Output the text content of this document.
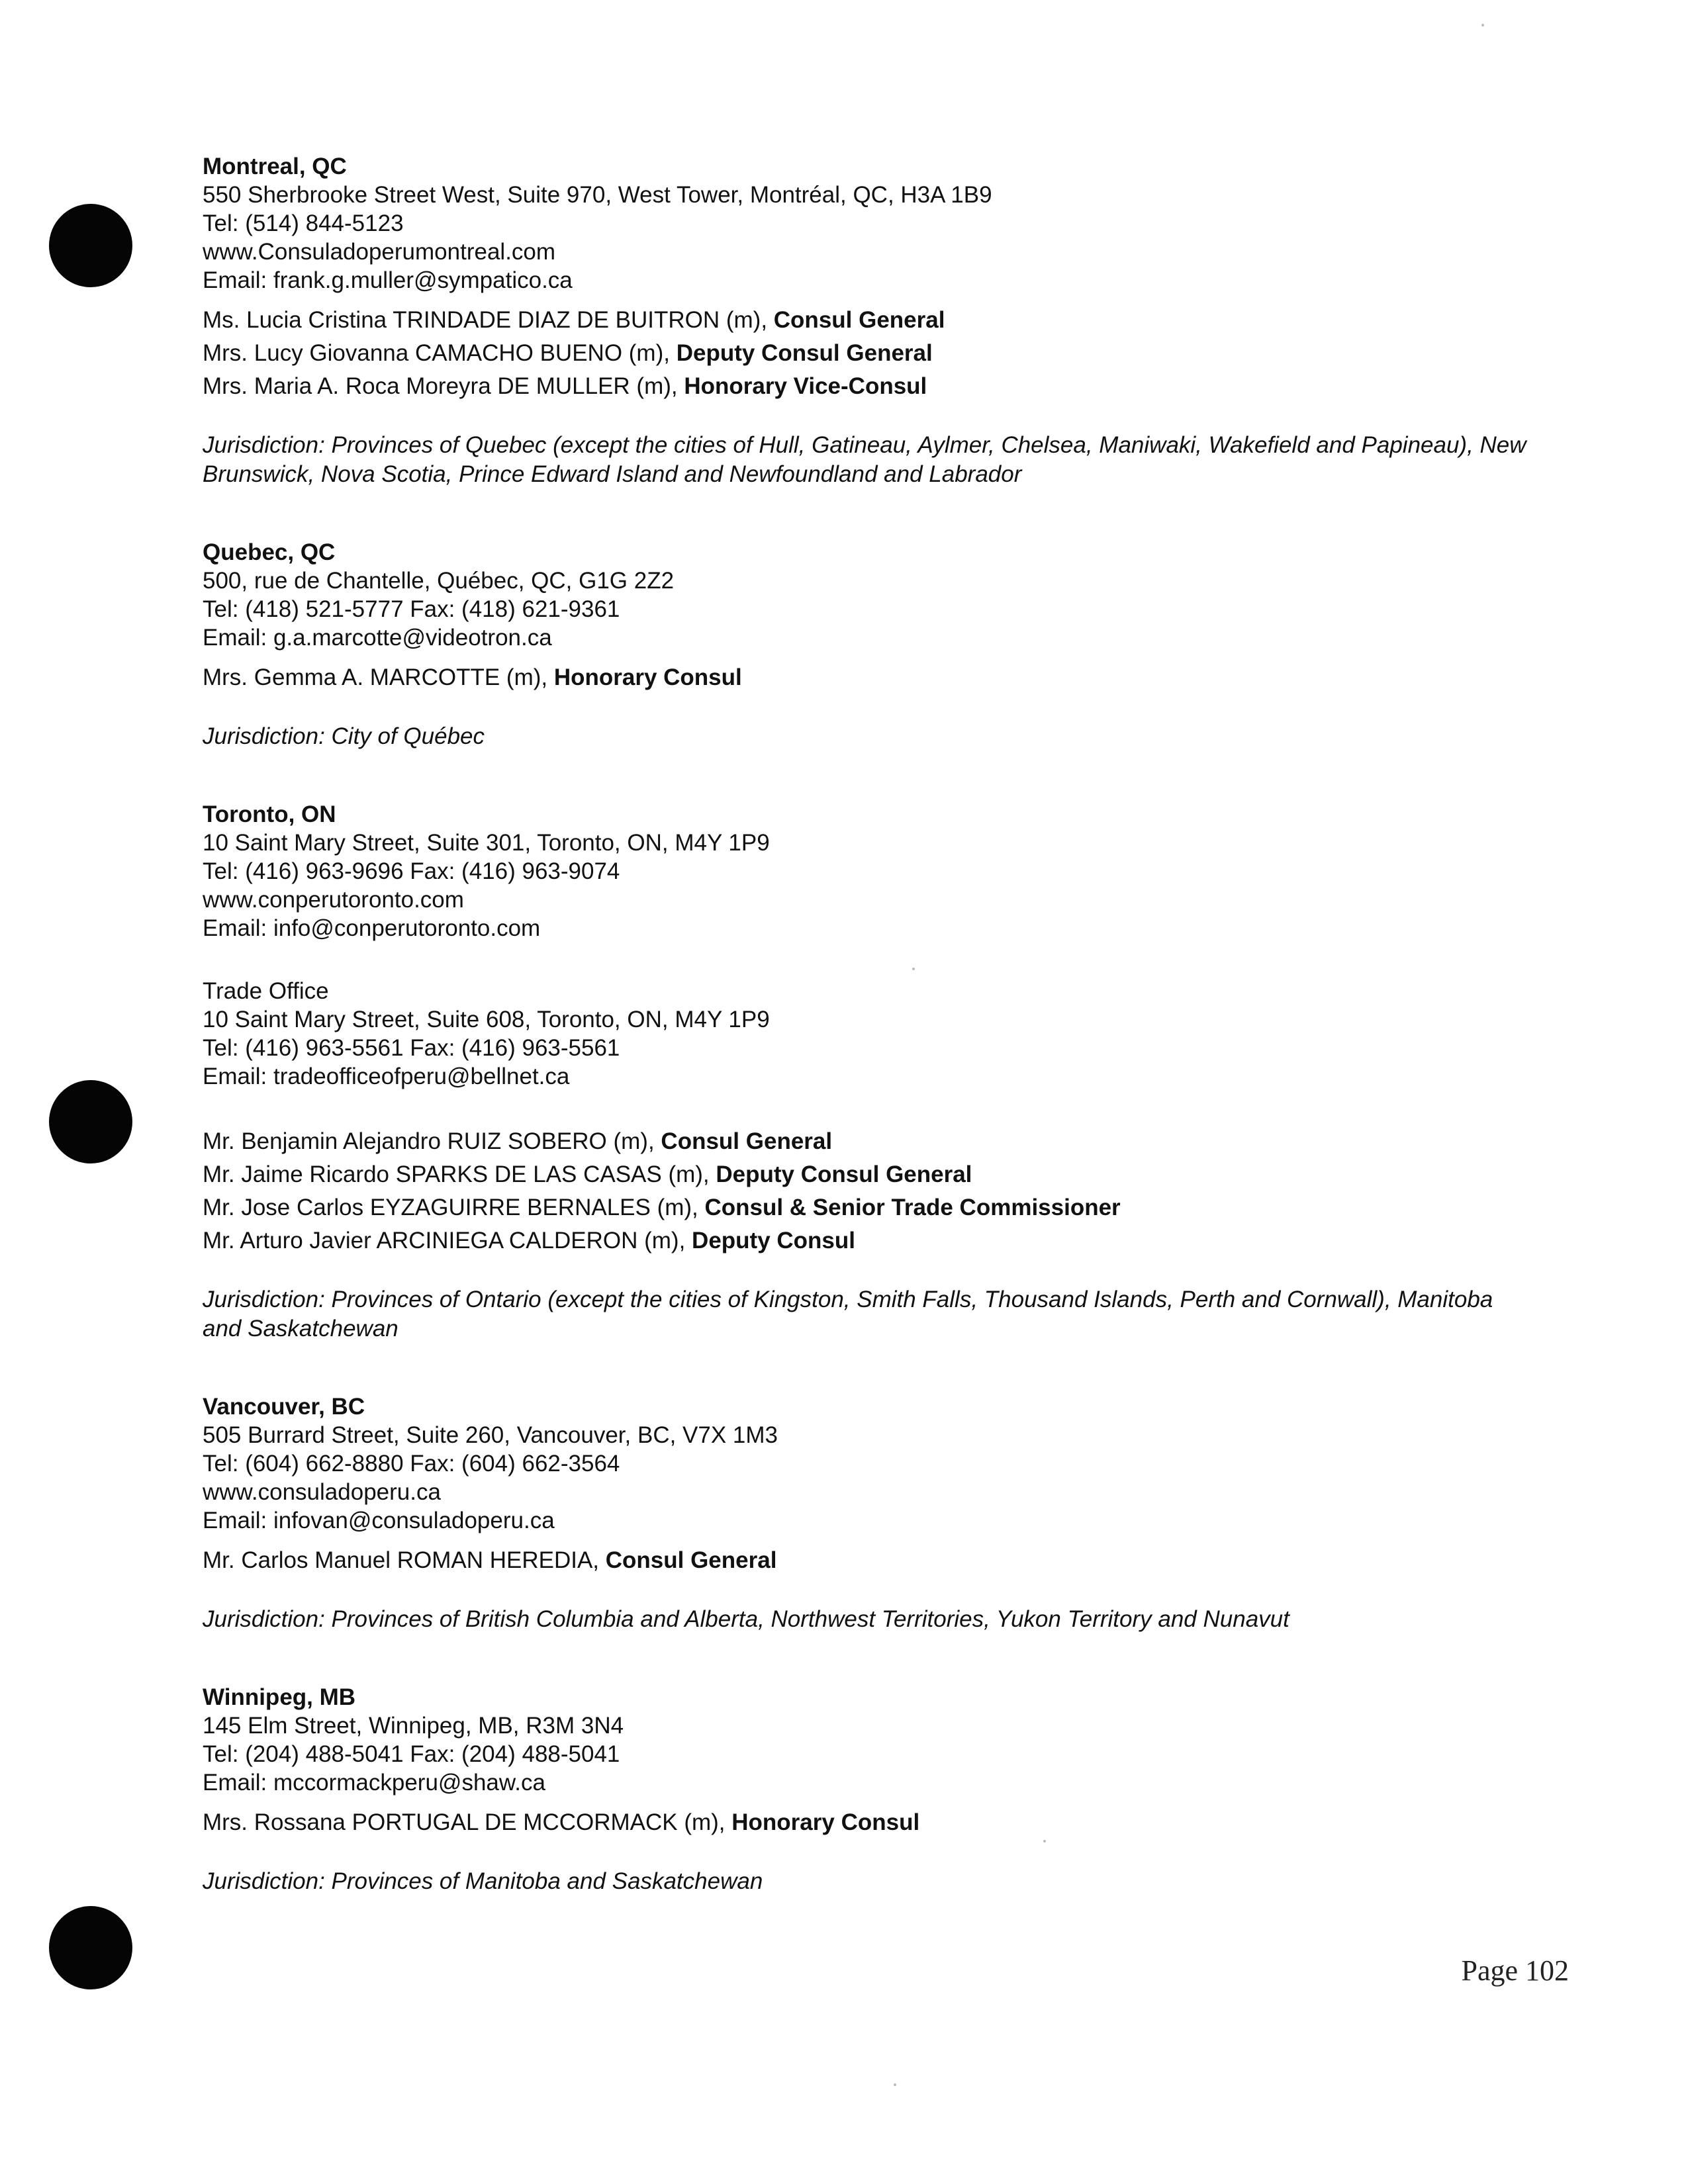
Montreal, QC
550 Sherbrooke Street West, Suite 970, West Tower, Montréal, QC, H3A 1B9
Tel: (514) 844-5123
www.Consuladoperumontreal.com
Email: frank.g.muller@sympatico.ca
Ms. Lucia Cristina TRINDADE DIAZ DE BUITRON (m), Consul General
Mrs. Lucy Giovanna CAMACHO BUENO (m), Deputy Consul General
Mrs. Maria A. Roca Moreyra DE MULLER (m), Honorary Vice-Consul
Jurisdiction: Provinces of Quebec (except the cities of Hull, Gatineau, Aylmer, Chelsea, Maniwaki, Wakefield and Papineau), New Brunswick, Nova Scotia, Prince Edward Island and Newfoundland and Labrador
Quebec, QC
500, rue de Chantelle, Québec, QC, G1G 2Z2
Tel: (418) 521-5777 Fax: (418) 621-9361
Email: g.a.marcotte@videotron.ca
Mrs. Gemma A. MARCOTTE (m), Honorary Consul
Jurisdiction: City of Québec
Toronto, ON
10 Saint Mary Street, Suite 301, Toronto, ON, M4Y 1P9
Tel: (416) 963-9696 Fax: (416) 963-9074
www.conperutoronto.com
Email: info@conperutoronto.com
Trade Office
10 Saint Mary Street, Suite 608, Toronto, ON, M4Y 1P9
Tel: (416) 963-5561 Fax: (416) 963-5561
Email: tradeofficeofperu@bellnet.ca
Mr. Benjamin Alejandro RUIZ SOBERO (m), Consul General
Mr. Jaime Ricardo SPARKS DE LAS CASAS (m), Deputy Consul General
Mr. Jose Carlos EYZAGUIRRE BERNALES (m), Consul & Senior Trade Commissioner
Mr. Arturo Javier ARCINIEGA CALDERON (m), Deputy Consul
Jurisdiction: Provinces of Ontario (except the cities of Kingston, Smith Falls, Thousand Islands, Perth and Cornwall), Manitoba and Saskatchewan
Vancouver, BC
505 Burrard Street, Suite 260, Vancouver, BC, V7X 1M3
Tel: (604) 662-8880 Fax: (604) 662-3564
www.consuladoperu.ca
Email: infovan@consuladoperu.ca
Mr. Carlos Manuel ROMAN HEREDIA, Consul General
Jurisdiction: Provinces of British Columbia and Alberta, Northwest Territories, Yukon Territory and Nunavut
Winnipeg, MB
145 Elm Street, Winnipeg, MB, R3M 3N4
Tel: (204) 488-5041 Fax: (204) 488-5041
Email: mccormackperu@shaw.ca
Mrs. Rossana PORTUGAL DE MCCORMACK (m), Honorary Consul
Jurisdiction: Provinces of Manitoba and Saskatchewan
Page 102
